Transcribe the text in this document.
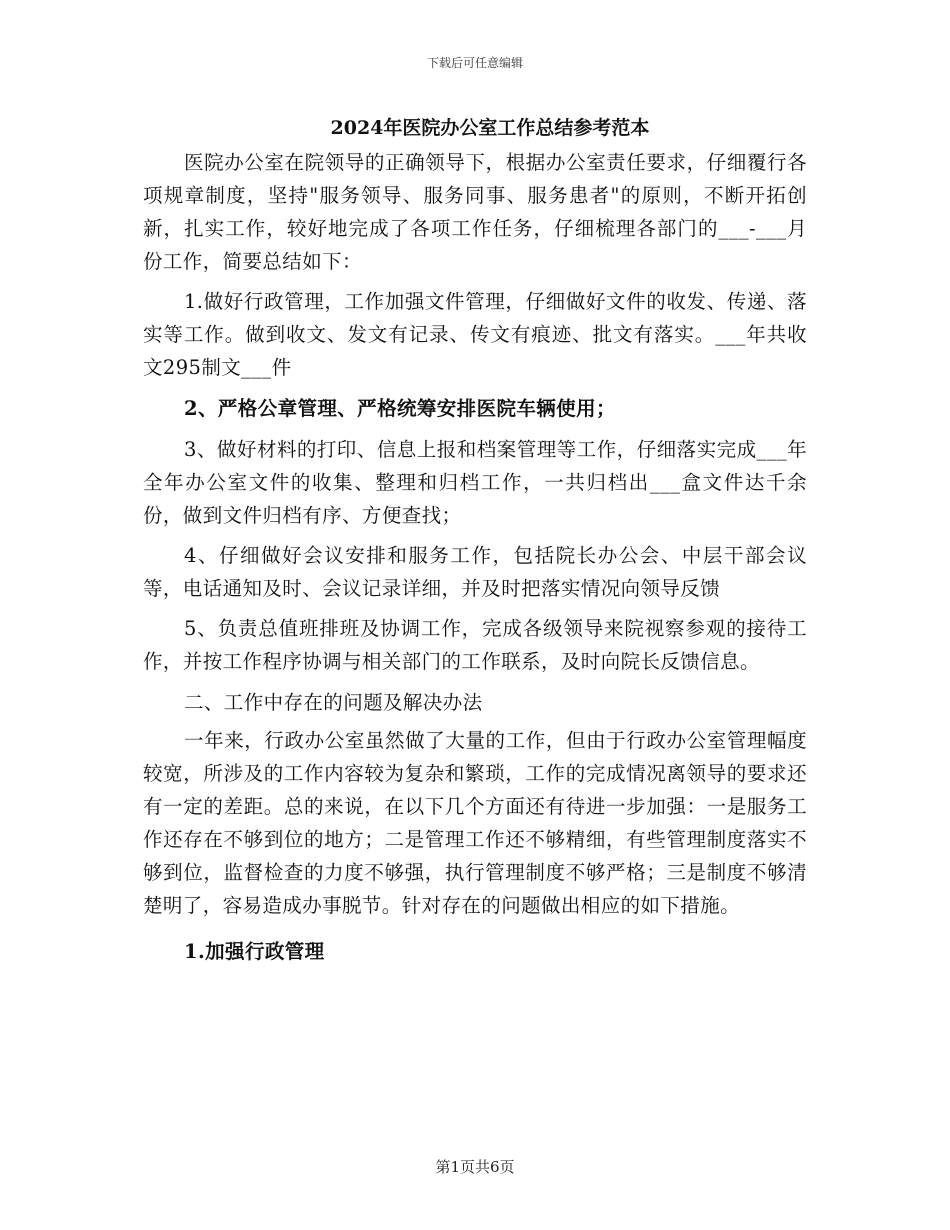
下载后可任意编辑
2024年医院办公室工作总结参考范本

医院办公室在院领导的正确领导下，根据办公室责任要求，仔细覆行各项规章制度，坚持"服务领导、服务同事、服务患者"的原则，不断开拓创新，扎实工作，较好地完成了各项工作任务，仔细梳理各部门的___-___月份工作，简要总结如下：

1.做好行政管理，工作加强文件管理，仔细做好文件的收发、传递、落实等工作。做到收文、发文有记录、传文有痕迹、批文有落实。___年共收文295制文___件

2、严格公章管理、严格统筹安排医院车辆使用；

3、做好材料的打印、信息上报和档案管理等工作，仔细落实完成___年全年办公室文件的收集、整理和归档工作，一共归档出___盒文件达千余份，做到文件归档有序、方便查找；

4、仔细做好会议安排和服务工作，包括院长办公会、中层干部会议等，电话通知及时、会议记录详细，并及时把落实情况向领导反馈

5、负责总值班排班及协调工作，完成各级领导来院视察参观的接待工作，并按工作程序协调与相关部门的工作联系，及时向院长反馈信息。

二、工作中存在的问题及解决办法

一年来，行政办公室虽然做了大量的工作，但由于行政办公室管理幅度较宽，所涉及的工作内容较为复杂和繁琐，工作的完成情况离领导的要求还有一定的差距。总的来说，在以下几个方面还有待进一步加强：一是服务工作还存在不够到位的地方；二是管理工作还不够精细，有些管理制度落实不够到位，监督检查的力度不够强，执行管理制度不够严格；三是制度不够清楚明了，容易造成办事脱节。针对存在的问题做出相应的如下措施。

1.加强行政管理

第1页共6页
